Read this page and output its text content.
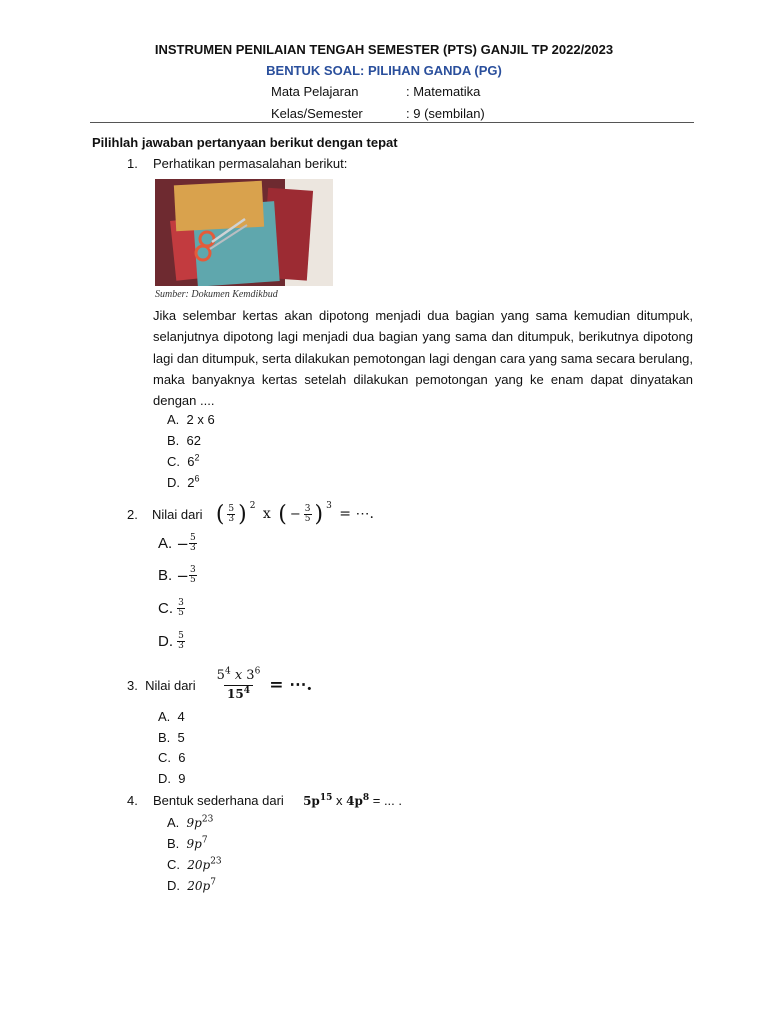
INSTRUMEN PENILAIAN TENGAH SEMESTER (PTS) GANJIL TP 2022/2023
BENTUK SOAL: PILIHAN GANDA (PG)
Mata Pelajaran	: Matematika
Kelas/Semester	: 9 (sembilan)
Pilihlah jawaban pertanyaan berikut dengan tepat
1. Perhatikan permasalahan berikut:
Sumber: Dokumen Kemdikbud
Jika selembar kertas akan dipotong menjadi dua bagian yang sama kemudian ditumpuk, selanjutnya dipotong lagi menjadi dua bagian yang sama dan ditumpuk, berikutnya dipotong lagi dan ditumpuk, serta dilakukan pemotongan lagi dengan cara yang sama secara berulang, maka banyaknya kertas setelah dilakukan pemotongan yang ke enam dapat dinyatakan dengan ....
A. 2 x 6
B. 62
C. $6^2$
D. $2^6$
2. Nilai dari
( $\frac{5}{3}$ ) 2 x ( − $\frac{3}{5}$ ) 3 = ⋯.
A.
− $\frac{5}{3}$
B.
− $\frac{3}{5}$
C.
$\frac{3}{5}$
D.
$\frac{5}{3}$
3.
Nilai dari $\frac{5^4 x 3^6}{15^4}$ = ⋯.
A. 4
B. 5
C. 6
D. 9
4. Bentuk sederhana dari $5p^{15}$ x $4p^8$ = ... .
A. $9p^{23}$
B. $9p^7$
C. $20p^{23}$
D. $20p^7$
